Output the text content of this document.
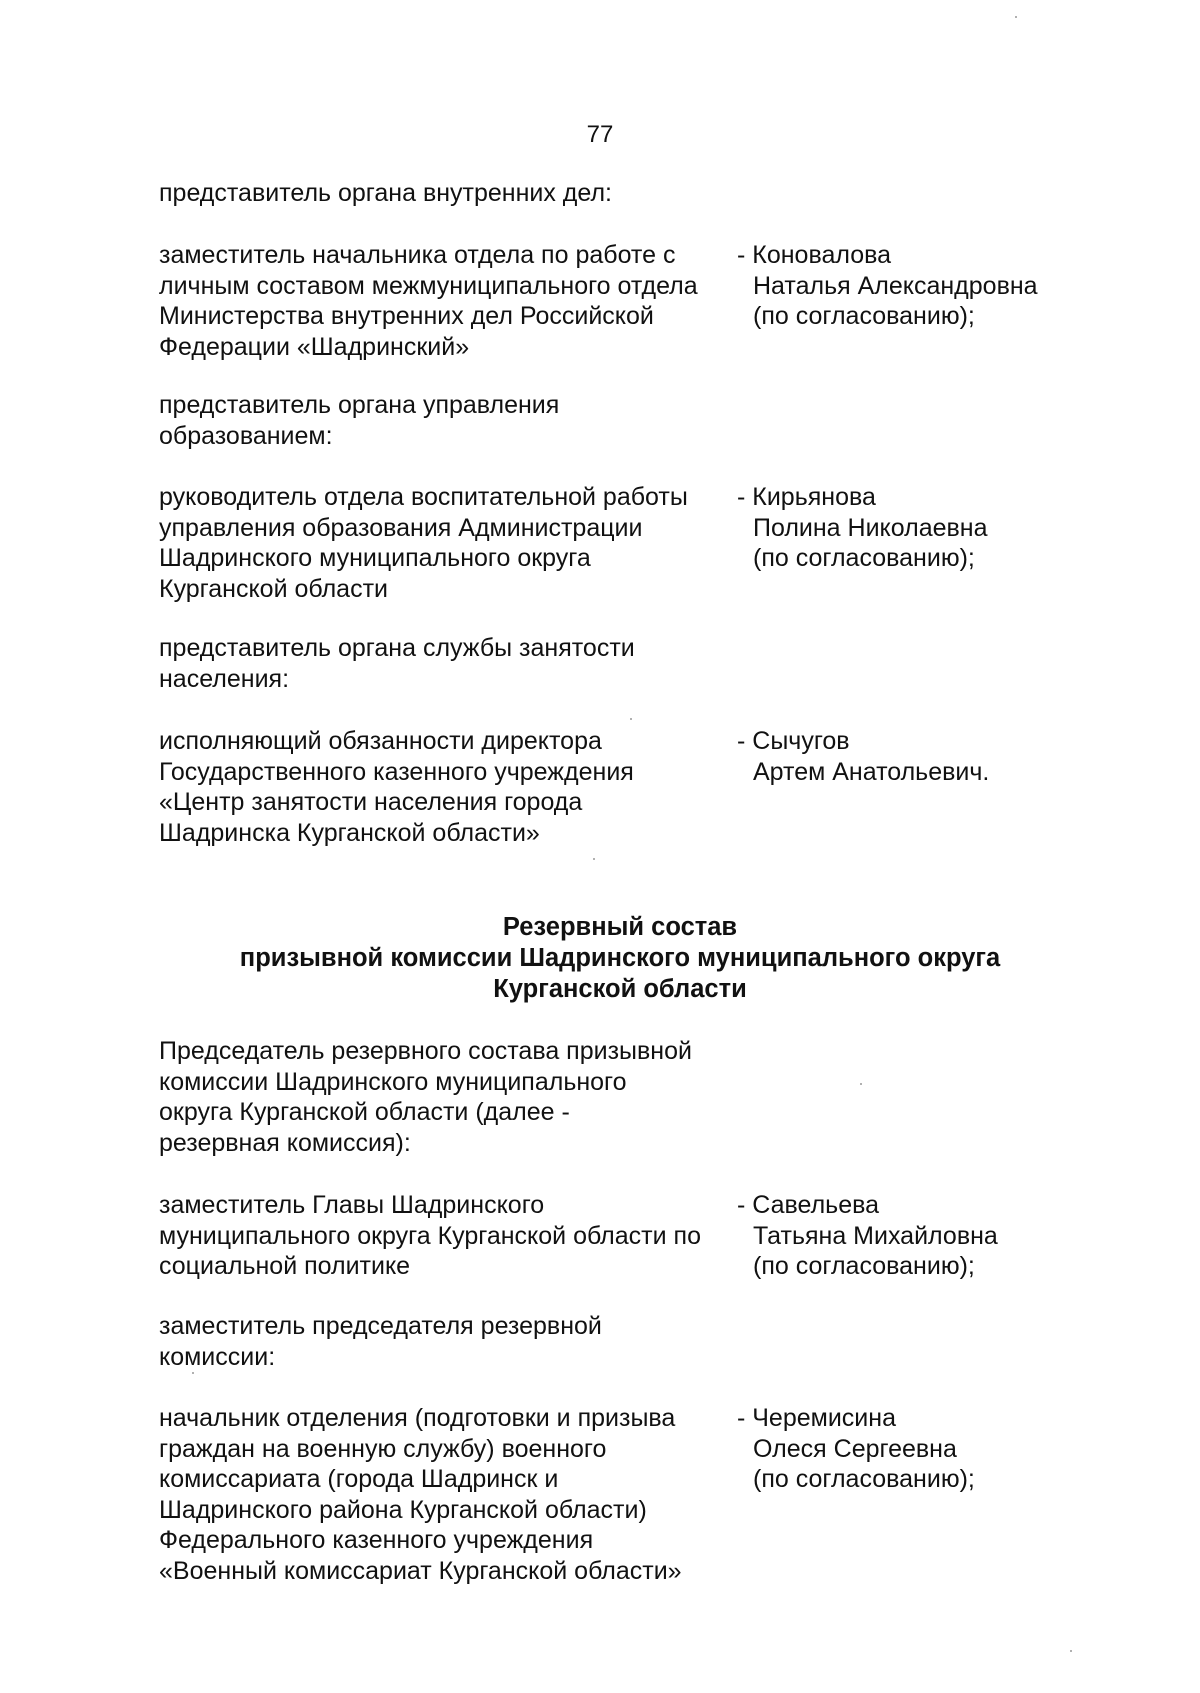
77
представитель органа внутренних дел:
заместитель начальника отдела по работе с
личным составом межмуниципального отдела
Министерства внутренних дел Российской
Федерации «Шадринский»
- Коновалова
Наталья Александровна
(по согласованию);
представитель органа управления
образованием:
руководитель отдела воспитательной работы
управления образования Администрации
Шадринского муниципального округа
Курганской области
- Кирьянова
Полина Николаевна
(по согласованию);
представитель органа службы занятости
населения:
исполняющий обязанности директора
Государственного казенного учреждения
«Центр занятости населения города
Шадринска Курганской области»
- Сычугов
Артем Анатольевич.
Резервный состав
призывной комиссии Шадринского муниципального округа
Курганской области
Председатель резервного состава призывной
комиссии Шадринского муниципального
округа Курганской области (далее -
резервная комиссия):
заместитель Главы Шадринского
муниципального округа Курганской области по
социальной политике
- Савельева
Татьяна Михайловна
(по согласованию);
заместитель председателя резервной
комиссии:
начальник отделения (подготовки и призыва
граждан на военную службу) военного
комиссариата (города Шадринск и
Шадринского района Курганской области)
Федерального казенного учреждения
«Военный комиссариат Курганской области»
- Черемисина
Олеся Сергеевна
(по согласованию);
